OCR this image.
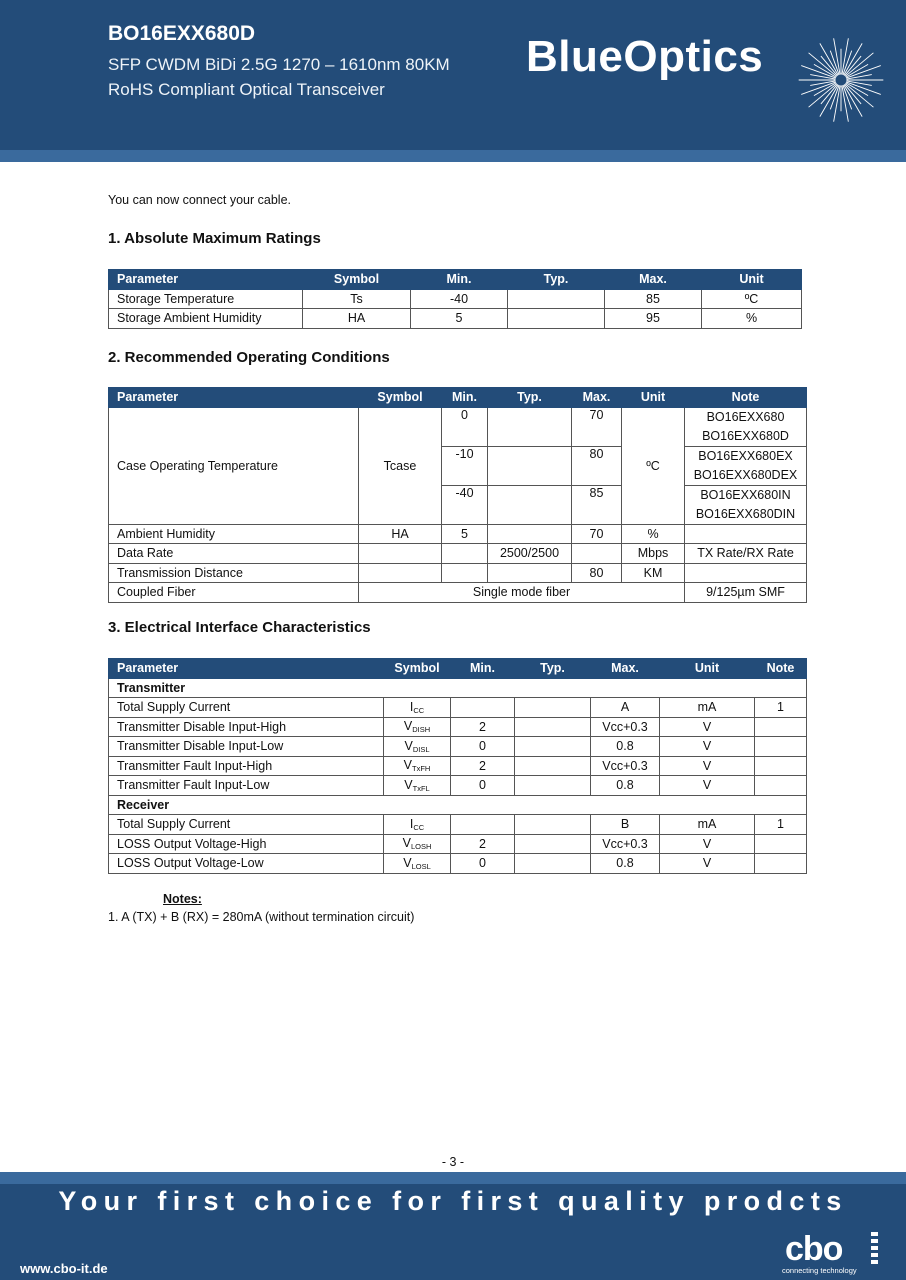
BO16EXX680D
SFP CWDM BiDi 2.5G 1270 – 1610nm 80KM
RoHS Compliant Optical Transceiver
BlueOptics
You can now connect your cable.
1. Absolute Maximum Ratings
Parameter	Symbol	Min.	Typ.	Max.	Unit
Storage Temperature	Ts	-40		85	ºC
Storage Ambient Humidity	HA	5		95	%
2. Recommended Operating Conditions
Parameter	Symbol	Min.	Typ.	Max.	Unit	Note
Case Operating Temperature	Tcase	0		70	ºC	BO16EXX680
						BO16EXX680D
		-10		80		BO16EXX680EX
						BO16EXX680DEX
		-40		85		BO16EXX680IN
						BO16EXX680DIN
Ambient Humidity	HA	5		70	%	
Data Rate			2500/2500		Mbps	TX Rate/RX Rate
Transmission Distance				80	KM	
Coupled Fiber	Single mode fiber					9/125µm SMF
3. Electrical Interface Characteristics
Parameter	Symbol	Min.	Typ.	Max.	Unit	Note
Transmitter						
Total Supply Current	$I_{CC}$			A	mA	1
Transmitter Disable Input-High	$V_{DISH}$	2		Vcc+0.3	V	
Transmitter Disable Input-Low	$V_{DISL}$	0		0.8	V	
Transmitter Fault Input-High	$V_{TxFH}$	2		Vcc+0.3	V	
Transmitter Fault Input-Low	$V_{TxFL}$	0		0.8	V	
Receiver						
Total Supply Current	$I_{CC}$			B	mA	1
LOSS Output Voltage-High	$V_{LOSH}$	2		Vcc+0.3	V	
LOSS Output Voltage-Low	$V_{LOSL}$	0		0.8	V	
Notes:
1. A (TX) + B (RX) = 280mA (without termination circuit)
- 3 -
Your first choice for first quality prodcts
www.cbo-it.de
cbo
connecting technology
